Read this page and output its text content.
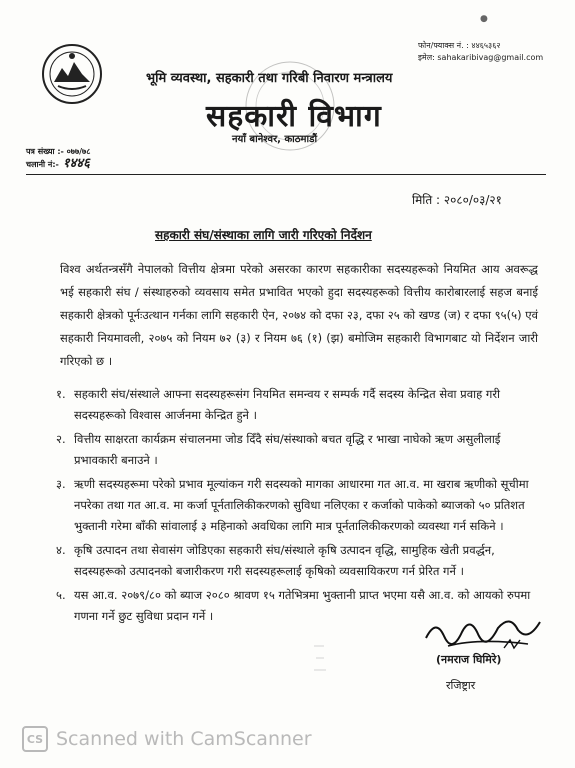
●
फोन/फ्याक्स नं. : ४४६५३६२
इमेल: sahakaribivag@gmail.com
भूमि व्यवस्था, सहकारी तथा गरिबी निवारण मन्त्रालय
सहकारी विभाग
नयाँ बानेश्वर, काठमाडौं
पत्र संख्या :- ०७७/७८
चलानी नं:- १४४६
मिति : २०८०/०३/२१
सहकारी संघ/संस्थाका लागि जारी गरिएको निर्देशन
विश्व अर्थतन्त्रसँगै नेपालको वित्तीय क्षेत्रमा परेको असरका कारण सहकारीका सदस्यहरूको नियमित आय अवरूद्ध भई सहकारी संघ / संस्थाहरुको व्यवसाय समेत प्रभावित भएको हुदा सदस्यहरूको वित्तीय कारोबारलाई सहज बनाई सहकारी क्षेत्रको पूर्नःउत्थान गर्नका लागि सहकारी ऐन, २०७४ को दफा २३, दफा २५ को खण्ड (ज) र दफा ९५(५) एवं सहकारी नियमावली, २०७५ को नियम ७२ (३) र नियम ७६ (१) (झ) बमोजिम सहकारी विभागबाट यो निर्देशन जारी गरिएको छ ।
१. सहकारी संघ/संस्थाले आफ्ना सदस्यहरूसंग नियमित समन्वय र सम्पर्क गर्दै सदस्य केन्द्रित सेवा प्रवाह गरी सदस्यहरूको विश्वास आर्जनमा केन्द्रित हुने ।
२. वित्तीय साक्षरता कार्यक्रम संचालनमा जोड दिँदै संघ/संस्थाको बचत वृद्धि र भाखा नाघेको ऋण असुलीलाई प्रभावकारी बनाउने ।
३. ऋणी सदस्यहरूमा परेको प्रभाव मूल्यांकन गरी सदस्यको मागका आधारमा गत आ.व. मा खराब ऋणीको सूचीमा नपरेका तथा गत आ.व. मा कर्जा पूर्नतालिकीकरणको सुविधा नलिएका र कर्जाको पाकेको ब्याजको ५० प्रतिशत भुक्तानी गरेमा बाँकी सांवालाई ३ महिनाको अवधिका लागि मात्र पूर्नतालिकीकरणको व्यवस्था गर्न सकिने ।
४. कृषि उत्पादन तथा सेवासंग जोडिएका सहकारी संघ/संस्थाले कृषि उत्पादन वृद्धि, सामुहिक खेती प्रवर्द्धन, सदस्यहरूको उत्पादनको बजारीकरण गरी सदस्यहरूलाई कृषिको व्यवसायिकरण गर्न प्रेरित गर्ने ।
५. यस आ.व. २०७९/८० को ब्याज २०८० श्रावण १५ गतेभित्रमा भुक्तानी प्राप्त भएमा यसै आ.व. को आयको रुपमा गणना गर्ने छुट सुविधा प्रदान गर्ने ।
(नमराज घिमिरे)
रजिष्ट्रार
CS Scanned with CamScanner
